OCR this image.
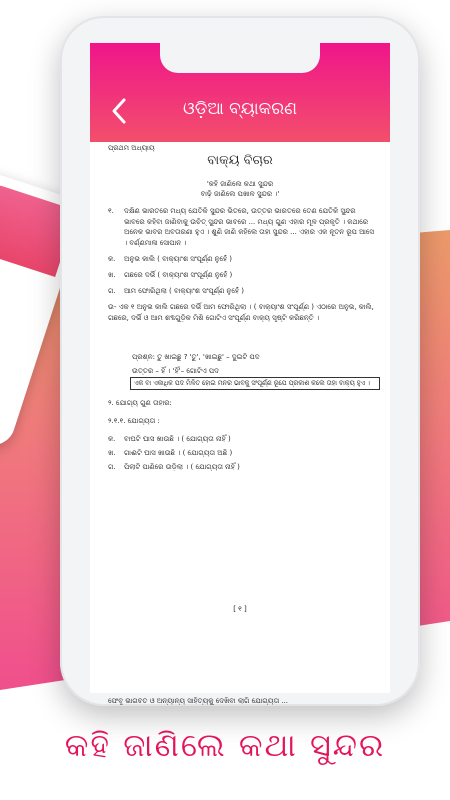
ଓଡ଼ିଆ ବ୍ୟାକରଣ
ପ୍ରଥମ ଅଧ୍ୟାୟ
ବାକ୍ୟ ବିଚାର
'କହି ଜାଣିଲେ କଥା ସୁନ୍ଦର
ବାଢ଼ି ଜାଣିଲେ ପଖାଳ ସୁନ୍ଦର ।'
୧. ଦକ୍ଷିଣ ଭାରତରେ ମଧ୍ୟ ଯେତିକି ସୁନ୍ଦର ଭିତରେ, ଉତ୍ତର ଭାରତରେ ତେଣ ଯେତିକି ସୁନ୍ଦର ଭାବରେ କହିବା ଜାଣିବାକୁ ଉଚିତ୍ ସୁନ୍ଦର ଭାବରେ ... ମଧ୍ୟ ଗୁଣ ଏହାର ମୂଳ ପ୍ରକୃତି । କଥାରେ ଅନେକ ଭାବର ଅବତାରଣା ହୁଏ । ଶୁଣି ଜାଣି କହିଲେ ତାହା ସୁନ୍ଦର ... ଏହାର ଏକ ନୂତନ ରୂପ ଆସେ । ବର୍ଣ୍ଣମାଳା ସୋପାନ ।
କ. ଅନୁଭ କାଲି ( ବାକ୍ୟାଂଶ ସଂପୂର୍ଣ୍ଣ ନୁହେଁ )
ଖ. ଗଛରେ ଦର୍ଭି ( ବାକ୍ୟାଂଶ ସଂପୂର୍ଣ୍ଣ ନୁହେଁ )
ଗ. ଆମ ଫୋରିଥିଲା ( ବାକ୍ୟାଂଶ ସଂପୂର୍ଣ୍ଣ ନୁହେଁ )
ଉ- ଏକ ୧ ଅନୁଭ କାଲି ଗଛରେ ଦର୍ଭି ଆମ ଫୋରିଥିଲା । ( ବାକ୍ୟାଂଶ ସଂପୂର୍ଣ୍ଣ ) ଏଠାରେ ଅନୁଭ, କାଲି, ଗଛରେ, ଦର୍ଭି ଓ ଆମ ଶବ୍ଦଗୁଡ଼ିକ ମିଶି ଗୋଟିଏ ସଂପୂର୍ଣ୍ଣ ବାକ୍ୟ ସୃଷ୍ଟି କରିଛନ୍ତି ।
ପ୍ରଶ୍ନ: ତୁ ଖାଇଛୁ ? 'ତୁ', 'ଖାଇଛୁ' – ଦୁଇଟି ପଦ
ଉତ୍ତର – ହିଁ । 'ହିଁ'– ଗୋଟିଏ ପଦ
ଏକ ବା ଏକାଧିକ ପଦ ମିଳିତ ହୋଇ ମନର ଭାବକୁ ସଂପୂର୍ଣ୍ଣ ରୂପେ ପ୍ରକାଶ କଲେ ତାହା ବାକ୍ୟ ହୁଏ ।
୨. ଯୋଗ୍ୟ ଗୁଣ ତାହାର:
୨.୧.୧. ଯୋଗ୍ୟତା :
କ. ବାଘଟି ଘାସ ଖାଉଛି । ( ଯୋଗ୍ୟତା ନାହିଁ )
ଖ. ଗାଈଟି ଘାସ ଖାଉଛି । ( ଯୋଗ୍ୟତା ଅଛି )
ଗ. ପିଲାଟି ପାଣିରେ ଉଡ଼ିଲା । ( ଯୋଗ୍ୟତା ନାହିଁ )
[ ୧ ]
ଫେବୃ ଭାଗବତ ଓ ଅନ୍ୟାନ୍ୟ ସାହିତ୍ୟକୁ ଦେଖିବା ଲାଗି ଯୋଗ୍ୟତା ...
କହି ଜାଣିଲେ କଥା ସୁନ୍ଦର
